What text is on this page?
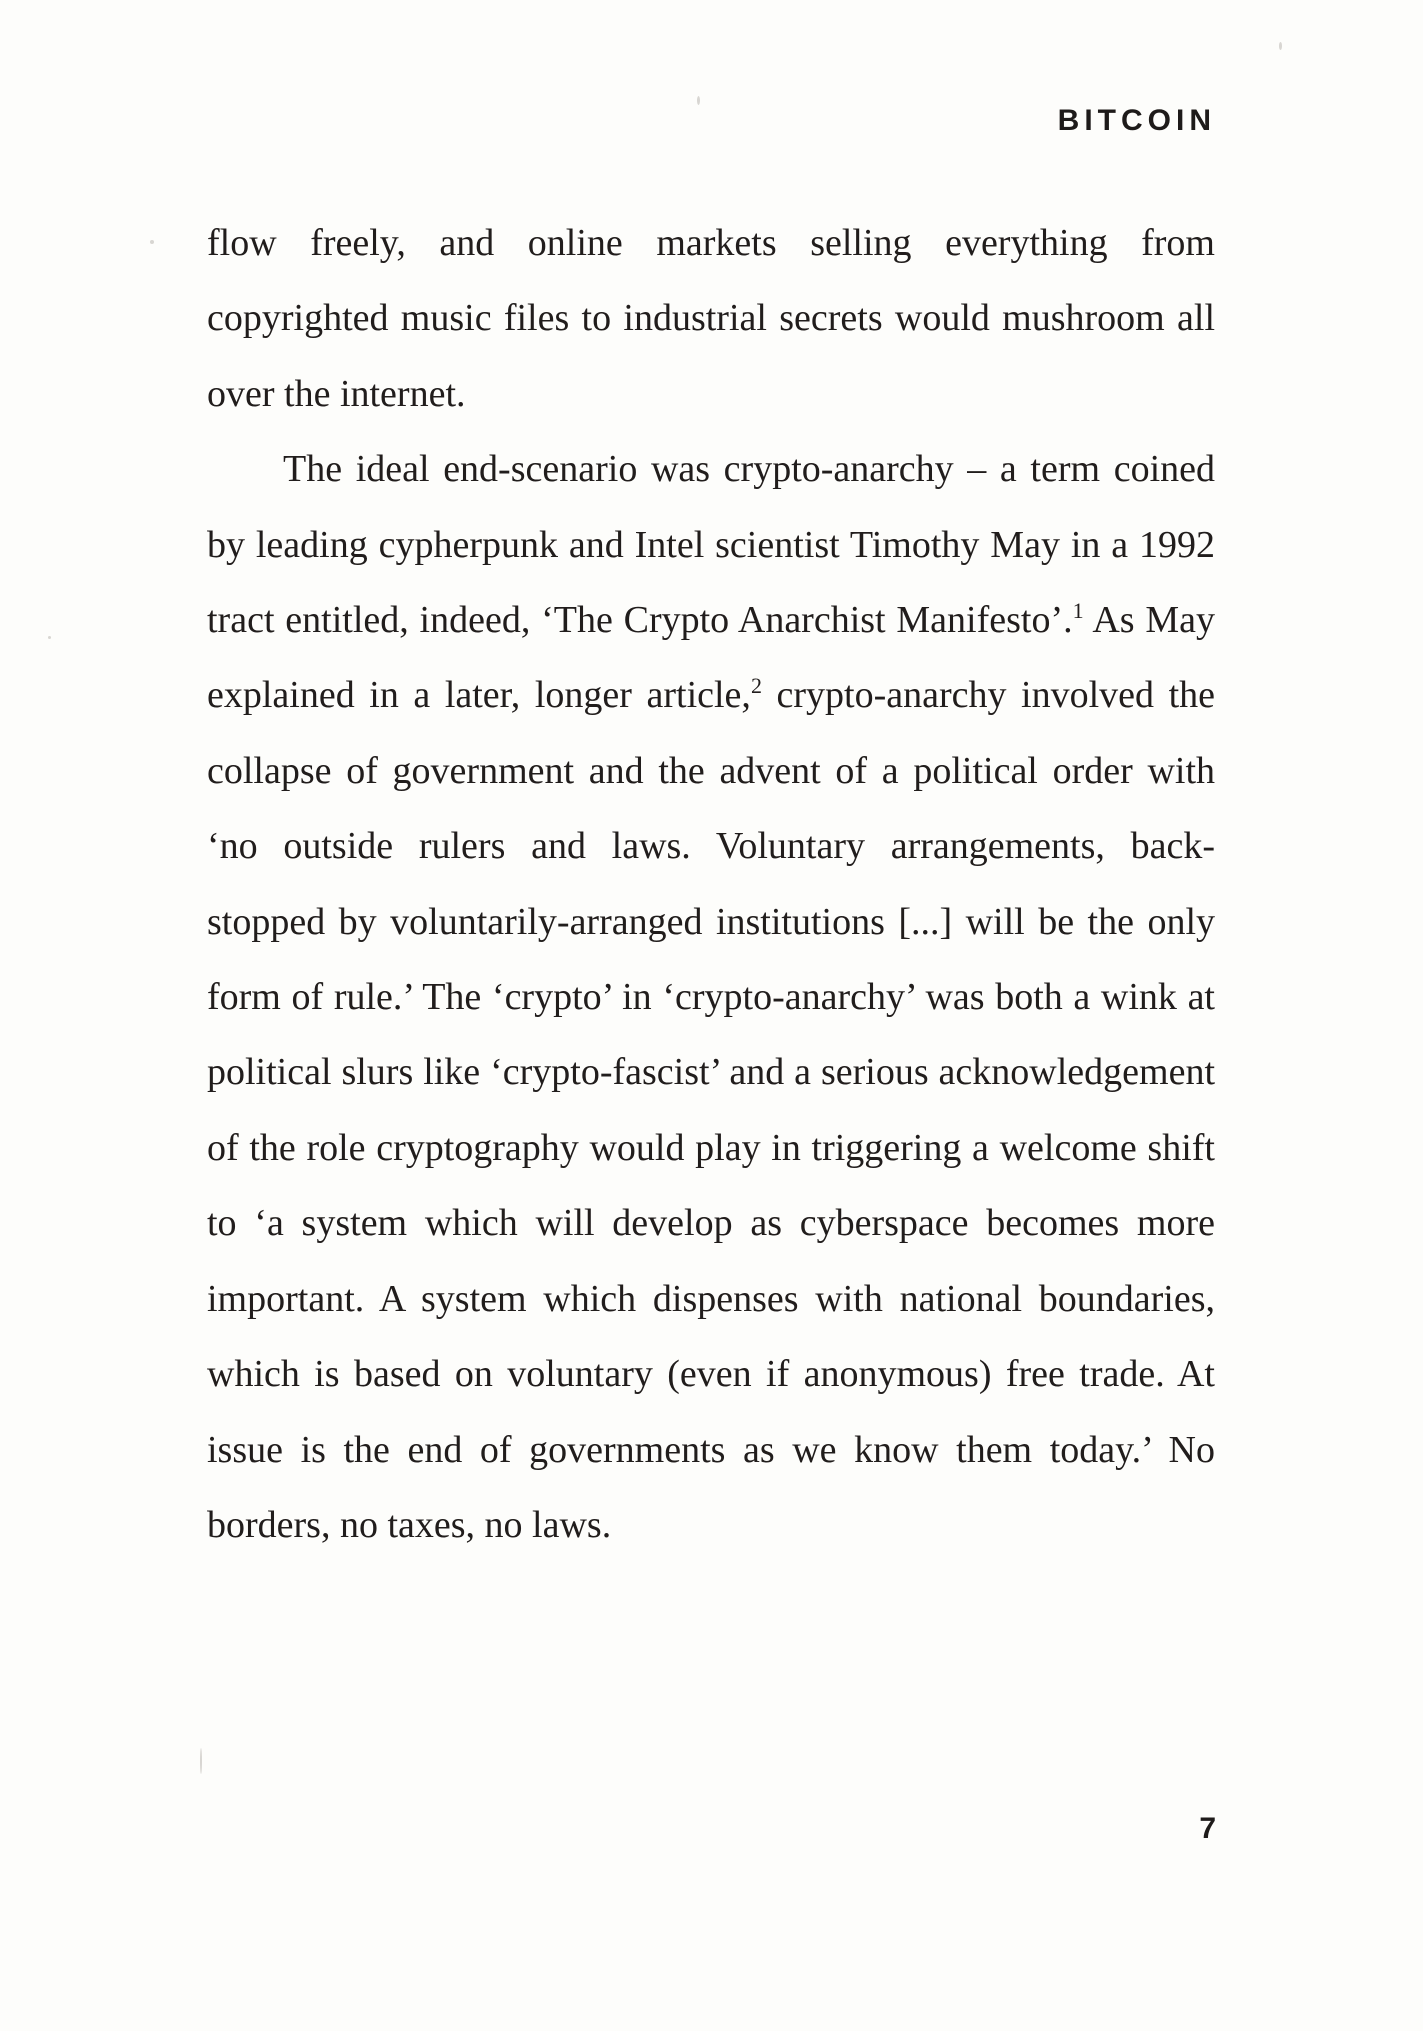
BITCOIN

flow freely, and online markets selling everything from copyrighted music files to industrial secrets would mushroom all over the internet.

The ideal end-scenario was crypto-anarchy – a term coined by leading cypherpunk and Intel scientist Timothy May in a 1992 tract entitled, indeed, ‘The Crypto Anarchist Manifesto’.$^1$ As May explained in a later, longer article,$^2$ crypto-anarchy involved the collapse of government and the advent of a political order with ‘no outside rulers and laws. Voluntary arrangements, back-stopped by voluntarily-arranged institutions [...] will be the only form of rule.’ The ‘crypto’ in ‘crypto-anarchy’ was both a wink at political slurs like ‘crypto-fascist’ and a serious acknowledgement of the role cryptography would play in triggering a welcome shift to ‘a system which will develop as cyberspace becomes more important. A system which dispenses with national boundaries, which is based on voluntary (even if anonymous) free trade. At issue is the end of governments as we know them today.’ No borders, no taxes, no laws.

7
